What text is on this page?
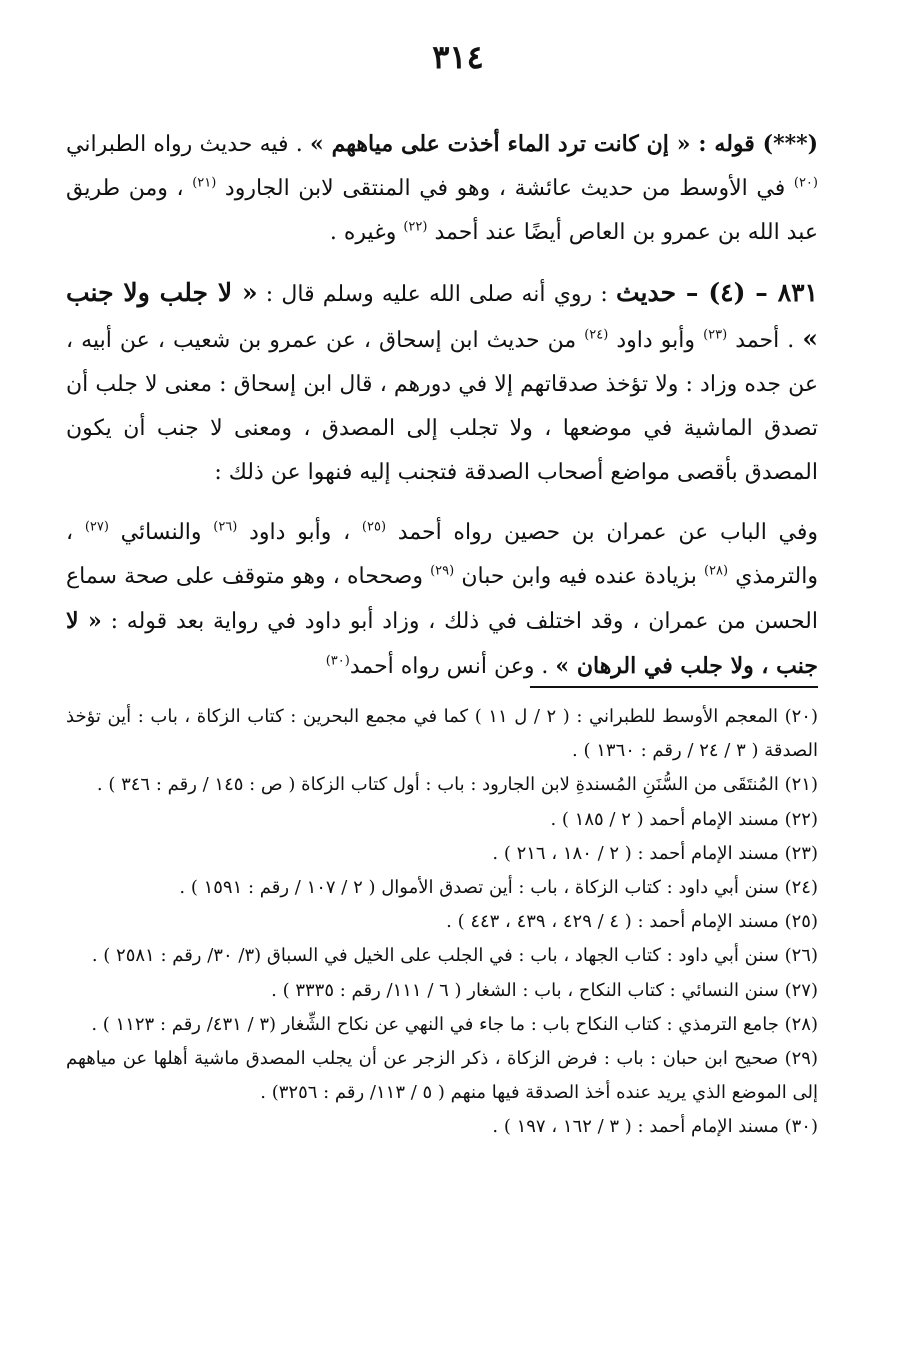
٣١٤

(***) قوله : « إن كانت ترد الماء أخذت على مياههم » . فيه حديث رواه الطبراني $^{(٢٠)}$ في الأوسط من حديث عائشة ، وهو في المنتقى لابن الجارود $^{(٢١)}$ ، ومن طريق عبد الله بن عمرو بن العاص أيضًا عند أحمد $^{(٢٢)}$ وغيره .

٨٣١ – (٤) – حديث : روي أنه صلى الله عليه وسلم قال : « لا جلب ولا جنب » . أحمد $^{(٢٣)}$ وأبو داود $^{(٢٤)}$ من حديث ابن إسحاق ، عن عمرو بن شعيب ، عن أبيه ، عن جده وزاد : ولا تؤخذ صدقاتهم إلا في دورهم ، قال ابن إسحاق : معنى لا جلب أن تصدق الماشية في موضعها ، ولا تجلب إلى المصدق ، ومعنى لا جنب أن يكون المصدق بأقصى مواضع أصحاب الصدقة فتجنب إليه فنهوا عن ذلك :

وفي الباب عن عمران بن حصين رواه أحمد $^{(٢٥)}$ ، وأبو داود $^{(٢٦)}$ والنسائي $^{(٢٧)}$ ، والترمذي $^{(٢٨)}$ بزيادة عنده فيه وابن حبان $^{(٢٩)}$ وصححاه ، وهو متوقف على صحة سماع الحسن من عمران ، وقد اختلف في ذلك ، وزاد أبو داود في رواية بعد قوله : « لا جنب ، ولا جلب في الرهان » . وعن أنس رواه أحمد$^{(٣٠)}$

(٢٠) المعجم الأوسط للطبراني : ( ٢ / ل ١١ ) كما في مجمع البحرين : كتاب الزكاة ، باب : أين تؤخذ الصدقة ( ٣ / ٢٤ / رقم : ١٣٦٠ ) .

(٢١) المُنتَقَى من السُّنَنِ المُسندةِ لابن الجارود : باب : أول كتاب الزكاة ( ص : ١٤٥ / رقم : ٣٤٦ ) .

(٢٢) مسند الإمام أحمد ( ٢ / ١٨٥ ) .

(٢٣) مسند الإمام أحمد : ( ٢ / ١٨٠ ، ٢١٦ ) .

(٢٤) سنن أبي داود : كتاب الزكاة ، باب : أين تصدق الأموال ( ٢ / ١٠٧ / رقم : ١٥٩١ ) .

(٢٥) مسند الإمام أحمد : ( ٤ / ٤٢٩ ، ٤٣٩ ، ٤٤٣ ) .

(٢٦) سنن أبي داود : كتاب الجهاد ، باب : في الجلب على الخيل في السباق (٣/ ٣٠/ رقم : ٢٥٨١ ) .

(٢٧) سنن النسائي : كتاب النكاح ، باب : الشغار ( ٦ / ١١١/ رقم : ٣٣٣٥ ) .

(٢٨) جامع الترمذي : كتاب النكاح باب : ما جاء في النهي عن نكاح الشِّغار (٣ / ٤٣١/ رقم : ١١٢٣ ) .

(٢٩) صحيح ابن حبان : باب : فرض الزكاة ، ذكر الزجر عن أن يجلب المصدق ماشية أهلها عن مياههم إلى الموضع الذي يريد عنده أخذ الصدقة فيها منهم ( ٥ / ١١٣/ رقم : ٣٢٥٦) .

(٣٠) مسند الإمام أحمد : ( ٣ / ١٦٢ ، ١٩٧ ) .
